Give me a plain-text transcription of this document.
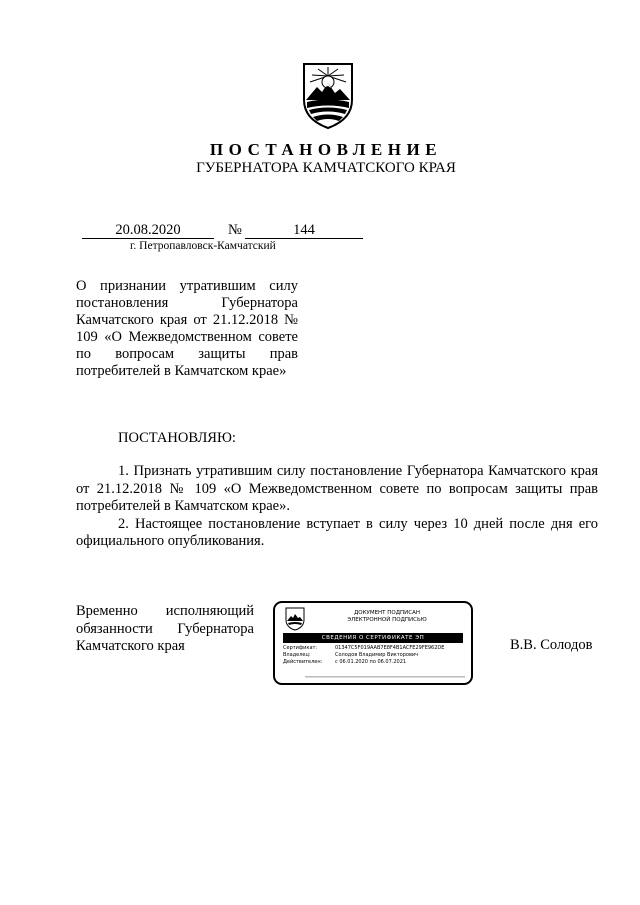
ПОСТАНОВЛЕНИЕ
ГУБЕРНАТОРА КАМЧАТСКОГО КРАЯ
20.08.2020	№	144
г. Петропавловск-Камчатский
О признании утратившим силу постановления Губернатора Камчатского края от 21.12.2018 № 109 «О Межведомственном совете по вопросам защиты прав потребителей в Камчатском крае»
ПОСТАНОВЛЯЮ:

1. Признать утратившим силу постановление Губернатора Камчатского края от 21.12.2018 № 109 «О Межведомственном совете по вопросам защиты прав потребителей в Камчатском крае».

2. Настоящее постановление вступает в силу через 10 дней после дня его официального опубликования.

Временно исполняющий
обязанности Губернатора
Камчатского края
ДОКУМЕНТ ПОДПИСАН
ЭЛЕКТРОННОЙ ПОДПИСЬЮ
СВЕДЕНИЯ О СЕРТИФИКАТЕ ЭП
Сертификат:	01347C5F019AAB7E8F4B1ACFE29FE962DE
Владелец:	Солодов Владимир Викторович
Действителен:	с 06.01.2020 по 06.07.2021
В.В. Солодов
